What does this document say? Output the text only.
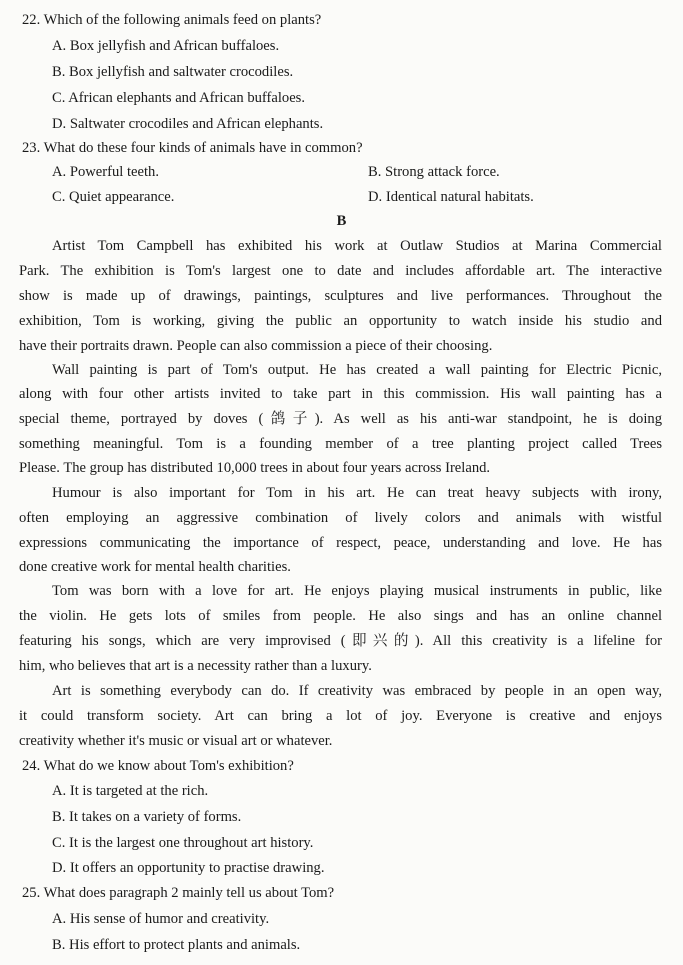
22. Which of the following animals feed on plants?
A. Box jellyfish and African buffaloes.
B. Box jellyfish and saltwater crocodiles.
C. African elephants and African buffaloes.
D. Saltwater crocodiles and African elephants.
23. What do these four kinds of animals have in common?
A. Powerful teeth.	B. Strong attack force.
C. Quiet appearance.	D. Identical natural habitats.
B
Artist Tom Campbell has exhibited his work at Outlaw Studios at Marina Commercial
Park. The exhibition is Tom's largest one to date and includes affordable art. The interactive
show is made up of drawings, paintings, sculptures and live performances. Throughout the
exhibition, Tom is working, giving the public an opportunity to watch inside his studio and
have their portraits drawn. People can also commission a piece of their choosing.
Wall painting is part of Tom's output. He has created a wall painting for Electric Picnic,
along with four other artists invited to take part in this commission. His wall painting has a
special theme, portrayed by doves (鸽子). As well as his anti-war standpoint, he is doing
something meaningful. Tom is a founding member of a tree planting project called Trees
Please. The group has distributed 10,000 trees in about four years across Ireland.
Humour is also important for Tom in his art. He can treat heavy subjects with irony,
often employing an aggressive combination of lively colors and animals with wistful
expressions communicating the importance of respect, peace, understanding and love. He has
done creative work for mental health charities.
Tom was born with a love for art. He enjoys playing musical instruments in public, like
the violin. He gets lots of smiles from people. He also sings and has an online channel
featuring his songs, which are very improvised (即兴的). All this creativity is a lifeline for
him, who believes that art is a necessity rather than a luxury.
Art is something everybody can do. If creativity was embraced by people in an open way,
it could transform society. Art can bring a lot of joy. Everyone is creative and enjoys
creativity whether it's music or visual art or whatever.
24. What do we know about Tom's exhibition?
A. It is targeted at the rich.
B. It takes on a variety of forms.
C. It is the largest one throughout art history.
D. It offers an opportunity to practise drawing.
25. What does paragraph 2 mainly tell us about Tom?
A. His sense of humor and creativity.
B. His effort to protect plants and animals.
